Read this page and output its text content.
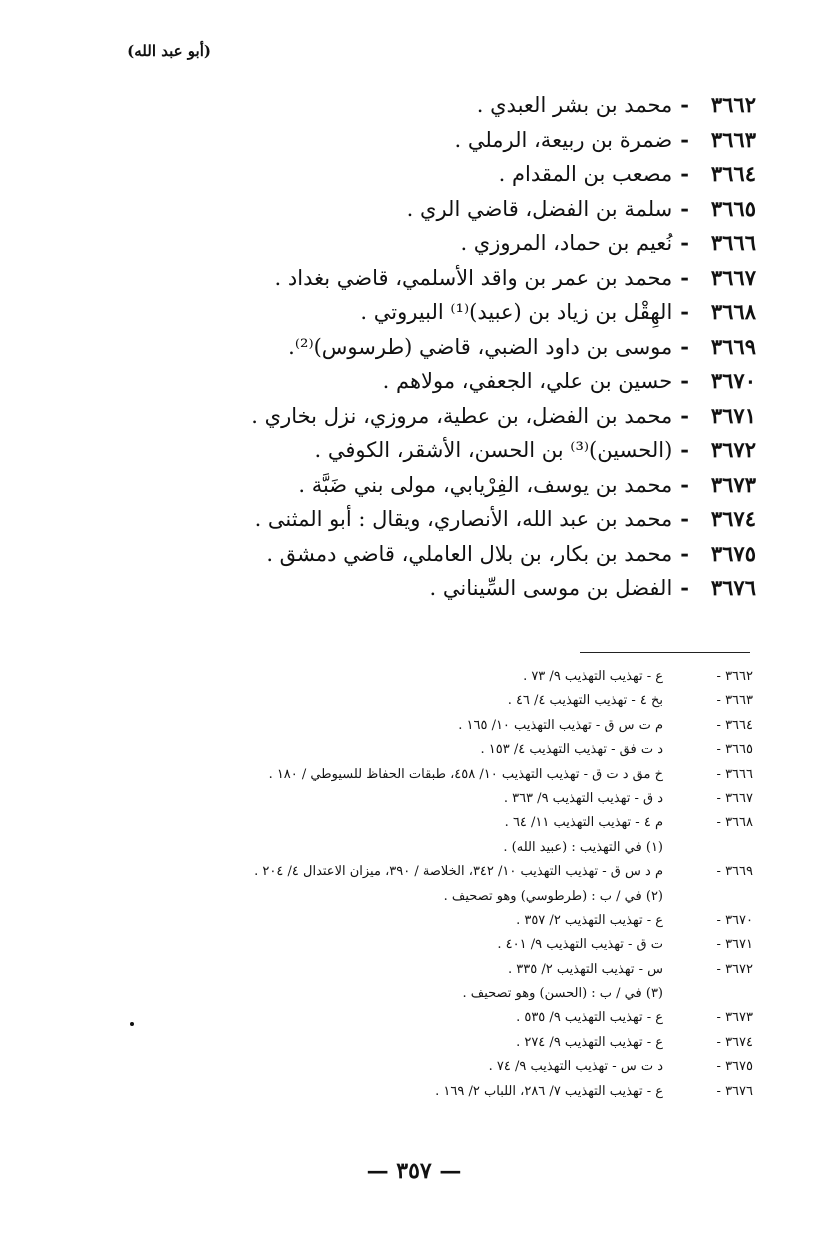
(أبو عبد الله)
٣٦٦٢-محمد بن بشر العبدي .
٣٦٦٣-ضمرة بن ربيعة، الرملي .
٣٦٦٤-مصعب بن المقدام .
٣٦٦٥-سلمة بن الفضل، قاضي الري .
٣٦٦٦-نُعيم بن حماد، المروزي .
٣٦٦٧-محمد بن عمر بن واقد الأسلمي، قاضي بغداد .
٣٦٦٨-الهِقْل بن زياد بن (عبيد)⁽¹⁾ البيروتي .
٣٦٦٩-موسى بن داود الضبي، قاضي (طرسوس)⁽²⁾.
٣٦٧٠-حسين بن علي، الجعفي، مولاهم .
٣٦٧١-محمد بن الفضل، بن عطية، مروزي، نزل بخاري .
٣٦٧٢-(الحسين)⁽³⁾ بن الحسن، الأشقر، الكوفي .
٣٦٧٣-محمد بن يوسف، الفِرْيابي، مولى بني ضَبَّة .
٣٦٧٤-محمد بن عبد الله، الأنصاري، ويقال : أبو المثنى .
٣٦٧٥-محمد بن بكار، بن بلال العاملي، قاضي دمشق .
٣٦٧٦-الفضل بن موسى السِّيناني .
٣٦٦٢ -ع - تهذيب التهذيب ٩/ ٧٣ .
٣٦٦٣ -بخ ٤ - تهذيب التهذيب ٤/ ٤٦ .
٣٦٦٤ -م ت س ق - تهذيب التهذيب ١٠/ ١٦٥ .
٣٦٦٥ -د ت فق - تهذيب التهذيب ٤/ ١٥٣ .
٣٦٦٦ -خ مق د ت ق - تهذيب التهذيب ١٠/ ٤٥٨، طبقات الحفاظ للسيوطي / ١٨٠ .
٣٦٦٧ -د ق - تهذيب التهذيب ٩/ ٣٦٣ .
٣٦٦٨ -م ٤ - تهذيب التهذيب ١١/ ٦٤ .
(١) في التهذيب : (عبيد الله) .
٣٦٦٩ -م د س ق - تهذيب التهذيب ١٠/ ٣٤٢، الخلاصة / ٣٩٠، ميزان الاعتدال ٤/ ٢٠٤ .
(٢) في / ب : (طرطوسي) وهو تصحيف .
٣٦٧٠ -ع - تهذيب التهذيب ٢/ ٣٥٧ .
٣٦٧١ -ت ق - تهذيب التهذيب ٩/ ٤٠١ .
٣٦٧٢ -س - تهذيب التهذيب ٢/ ٣٣٥ .
(٣) في / ب : (الحسن) وهو تصحيف .
٣٦٧٣ -ع - تهذيب التهذيب ٩/ ٥٣٥ .
٣٦٧٤ -ع - تهذيب التهذيب ٩/ ٢٧٤ .
٣٦٧٥ -د ت س - تهذيب التهذيب ٩/ ٧٤ .
٣٦٧٦ -ع - تهذيب التهذيب ٧/ ٢٨٦، اللباب ٢/ ١٦٩ .
— ٣٥٧ —
